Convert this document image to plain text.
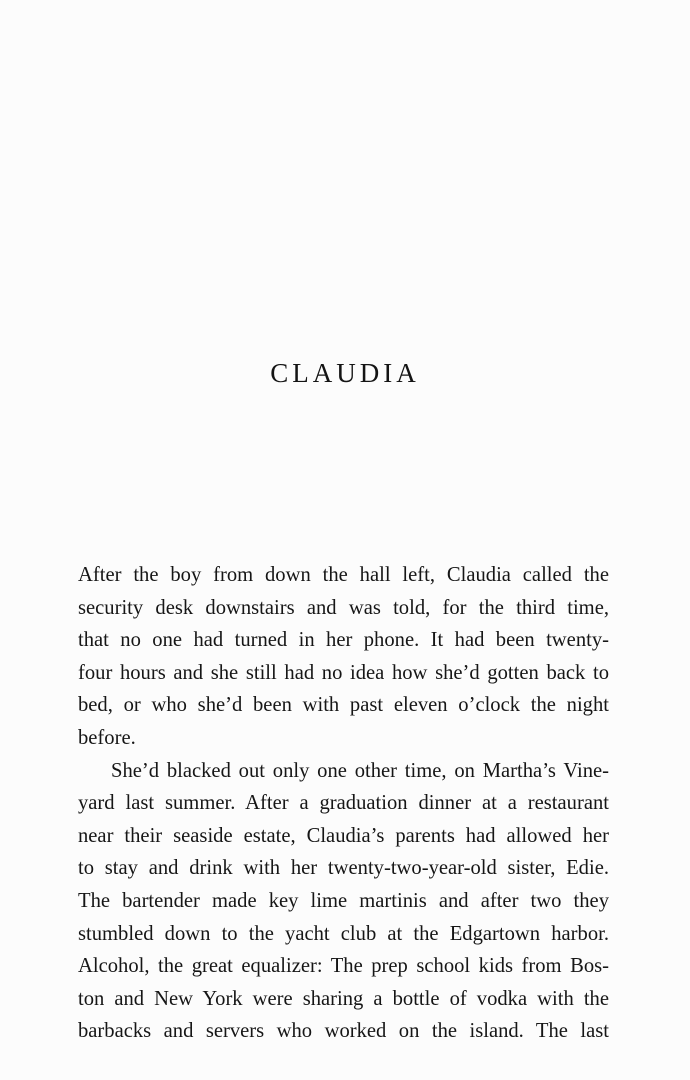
CLAUDIA
After the boy from down the hall left, Claudia called the
security desk downstairs and was told, for the third time,
that no one had turned in her phone. It had been twenty-
four hours and she still had no idea how she’d gotten back to
bed, or who she’d been with past eleven o’clock the night
before.
She’d blacked out only one other time, on Martha’s Vine-
yard last summer. After a graduation dinner at a restaurant
near their seaside estate, Claudia’s parents had allowed her
to stay and drink with her twenty-two-year-old sister, Edie.
The bartender made key lime martinis and after two they
stumbled down to the yacht club at the Edgartown harbor.
Alcohol, the great equalizer: The prep school kids from Bos-
ton and New York were sharing a bottle of vodka with the
barbacks and servers who worked on the island. The last
